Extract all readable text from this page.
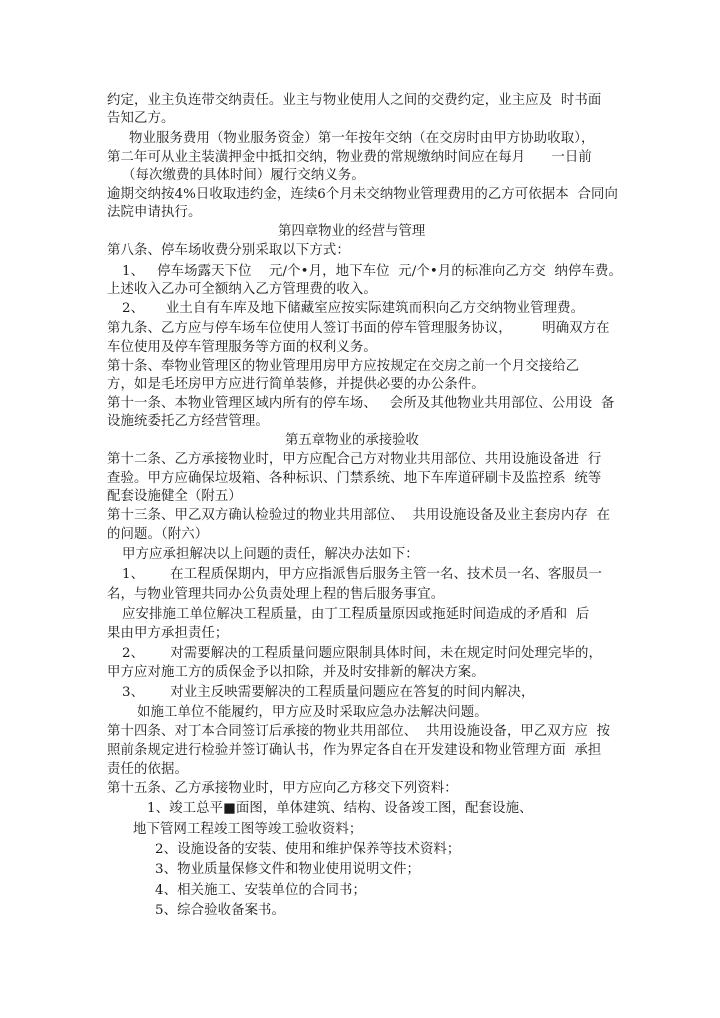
约定，业主负连带交纳责任。业主与物业使用人之间的交费约定，业主应及  时书面
告知乙方。
物业服务费用（物业服务资金）第一年按年交纳（在交房时由甲方协助收取），
第二年可从业主装潢押金中抵扣交纳，物业费的常规缴纳时间应在每月      一日前
（每次缴费的具体时间）履行交纳义务。
逾期交纳按4%日收取违约金，连续6个月未交纳物业管理费用的乙方可依据本  合同向
法院申请执行。
第四章物业的经营与管理
第八条、停车场收费分别采取以下方式：
1、   停车场露天下位    元/个•月，地下车位  元/个•月的标准向乙方交  纳停车费。
上述收入乙办可全额纳入乙方管理费的收入。
2、     业土自有车库及地下储藏室应按实际建筑而积向乙方交纳物业管理费。
第九条、乙方应与停车场车位使用人签订书面的停车管理服务协议，       明确双方在
车位使用及停车管理服务等方面的权利义务。
第十条、奉物业管理区的物业管理用房甲方应按规定在交房之前一个月交接给乙
方，如是毛坯房甲方应进行简单装修，并提供必要的办公条件。
第十一条、本物业管理区域内所有的停车场、   会所及其他物业共用部位、公用设  备
设施统委托乙方经营管理。
第五章物业的承接验收
第十二条、乙方承接物业时，甲方应配合己方对物业共用部位、共用设施设备进  行
查验。甲方应确保垃圾箱、各种标识、门禁系统、地下车库道砰刷卡及监控系  统等
配套设施健全（附五）
第十三条、甲乙双方确认检验过的物业共用部位、  共用设施设备及业主套房内存  在
的问题。（附六）
甲方应承担解决以上问题的责任，解决办法如下：
1、      在工程质保期内，甲方应指派售后服务主管一名、技术员一名、客服员一
名，与物业管理共同办公负责处理上程的售后服务事宜。
应安排施工单位解决工程质量，由丁工程质量原因或拖延时间造成的矛盾和  后
果由甲方承担责任；
2、      对需要解决的工程质量问题应限制具体时间，未在规定时问处理完毕的，
甲方应对施工方的质保金予以扣除，并及时安排新的解决方案。
3、      对业主反映需要解决的工程质量问题应在答复的时间内解决，
如施工单位不能履约，甲方应及时采取应急办法解决问题。
第十四条、对丁本合同签订后承接的物业共用部位、  共用设施设备，甲乙双方应  按
照前条规定进行检验并签订确认书，作为界定各自在开发建设和物业管理方面  承担
责任的依据。
第十五条、乙方承接物业时，甲方应向乙方移交下列资料：
1、竣工总平■面图，单体建筑、结构、设备竣工图，配套设施、
地下管网工程竣工图等竣工验收资料；
2、设施设备的安装、使用和维护保养等技术资料；
3、物业质量保修文件和物业使用说明文件；
4、相关施工、安装单位的合同书；
5、综合验收备案书。
